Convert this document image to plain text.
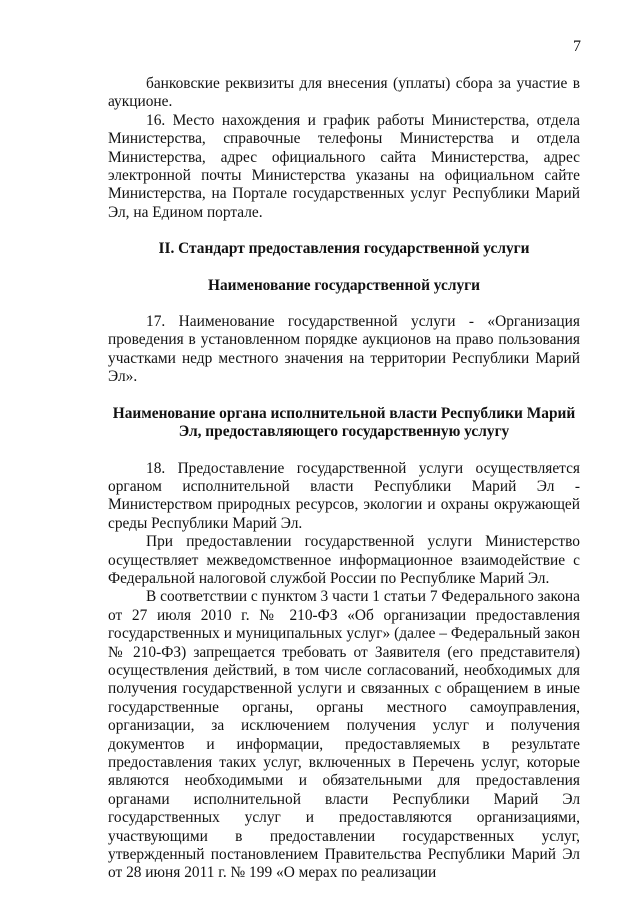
7

банковские реквизиты для внесения (уплаты) сбора за участие в аукционе.

16. Место нахождения и график работы Министерства, отдела Министерства, справочные телефоны Министерства и отдела Министерства, адрес официального сайта Министерства, адрес электронной почты Министерства указаны на официальном сайте Министерства, на Портале государственных услуг Республики Марий Эл, на Едином портале.

II. Стандарт предоставления государственной услуги
Наименование государственной услуги

17. Наименование государственной услуги - «Организация проведения в установленном порядке аукционов на право пользования участками недр местного значения на территории Республики Марий Эл».

Наименование органа исполнительной власти Республики Марий Эл, предоставляющего государственную услугу

18. Предоставление государственной услуги осуществляется органом исполнительной власти Республики Марий Эл - Министерством природных ресурсов, экологии и охраны окружающей среды Республики Марий Эл.

При предоставлении государственной услуги Министерство осуществляет межведомственное информационное взаимодействие с Федеральной налоговой службой России по Республике Марий Эл.

В соответствии с пунктом 3 части 1 статьи 7 Федерального закона от 27 июля 2010 г. № 210-ФЗ «Об организации предоставления государственных и муниципальных услуг» (далее – Федеральный закон № 210-ФЗ) запрещается требовать от Заявителя (его представителя) осуществления действий, в том числе согласований, необходимых для получения государственной услуги и связанных с обращением в иные государственные органы, органы местного самоуправления, организации, за исключением получения услуг и получения документов и информации, предоставляемых в результате предоставления таких услуг, включенных в Перечень услуг, которые являются необходимыми и обязательными для предоставления органами исполнительной власти Республики Марий Эл государственных услуг и предоставляются организациями, участвующими в предоставлении государственных услуг, утвержденный постановлением Правительства Республики Марий Эл от 28 июня 2011 г. № 199 «О мерах по реализации
